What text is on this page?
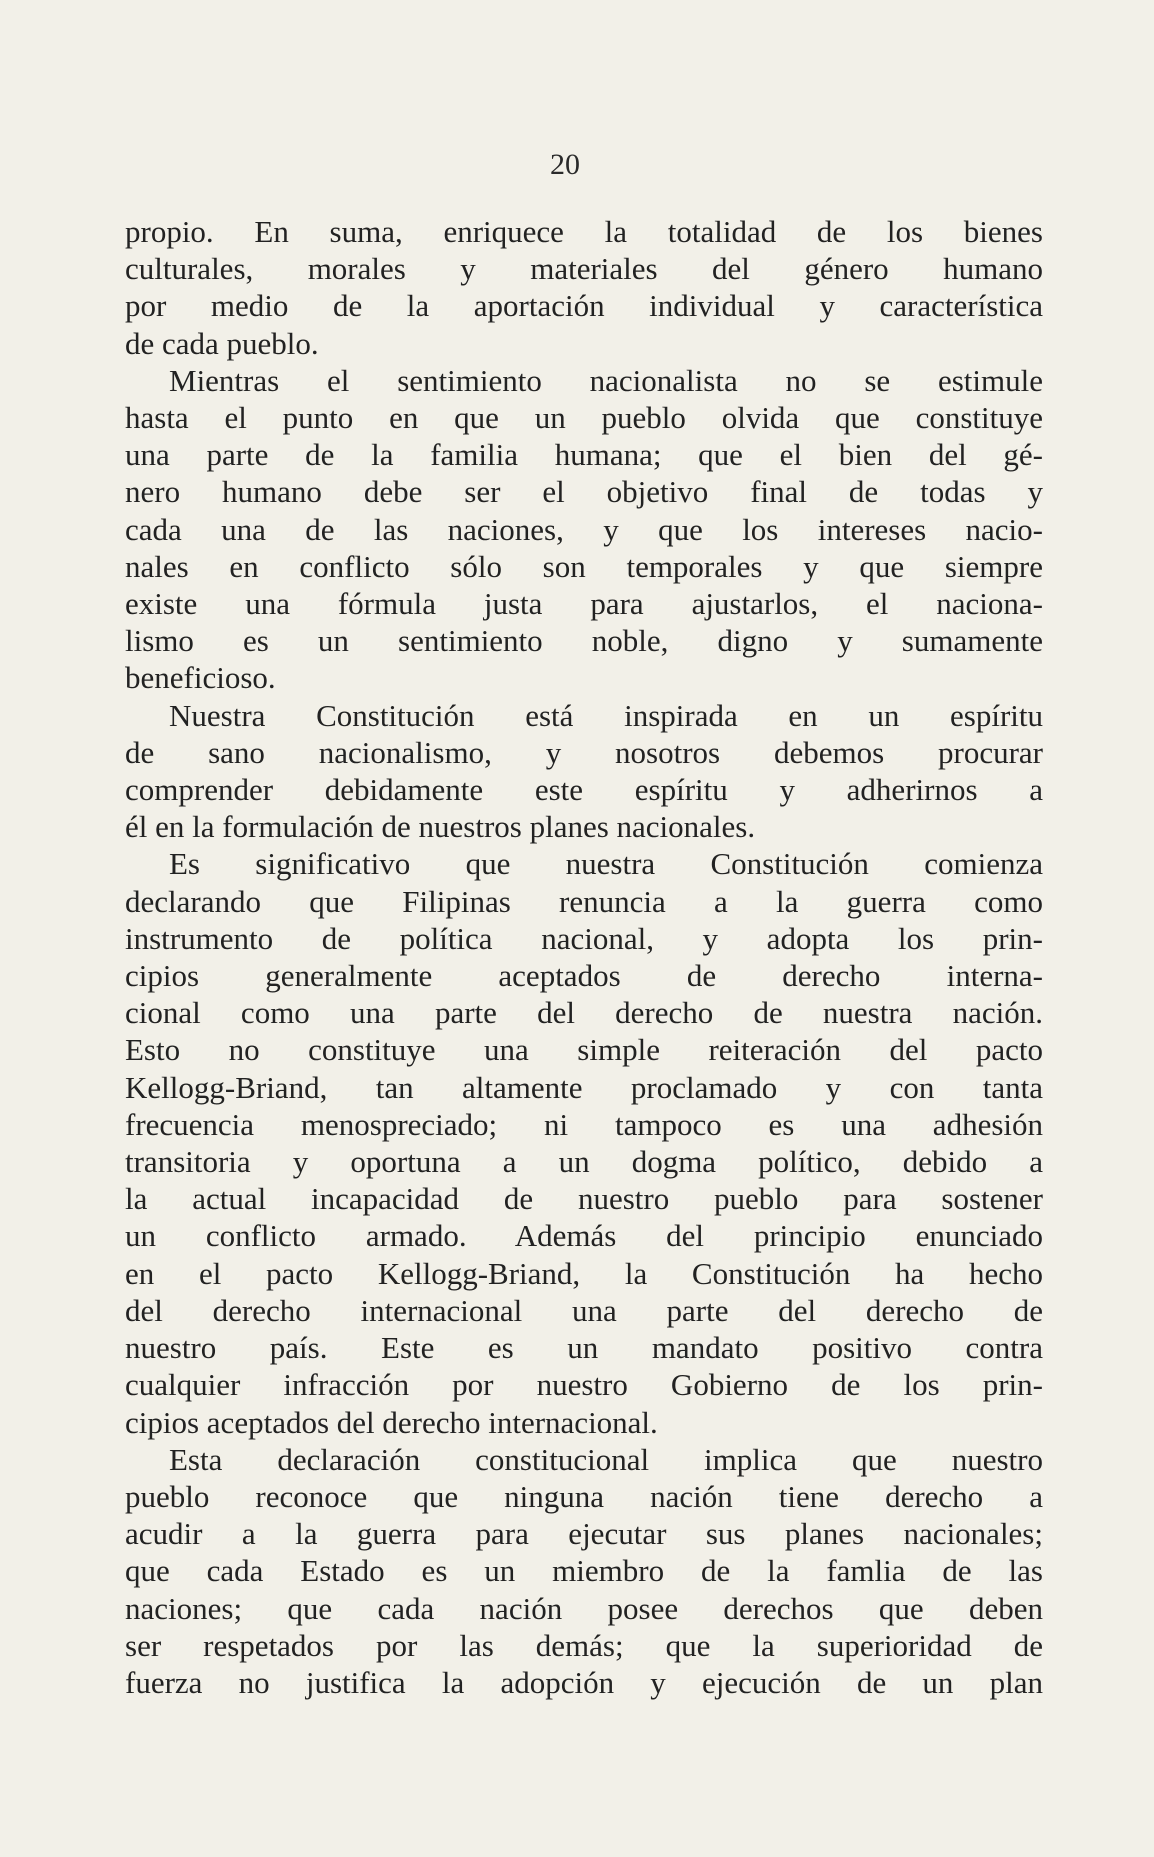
20

propio. En suma, enriquece la totalidad de los bienes
culturales, morales y materiales del género humano
por medio de la aportación individual y característica
de cada pueblo.

Mientras el sentimiento nacionalista no se estimule
hasta el punto en que un pueblo olvida que constituye
una parte de la familia humana; que el bien del gé-
nero humano debe ser el objetivo final de todas y
cada una de las naciones, y que los intereses nacio-
nales en conflicto sólo son temporales y que siempre
existe una fórmula justa para ajustarlos, el naciona-
lismo es un sentimiento noble, digno y sumamente
beneficioso.

Nuestra Constitución está inspirada en un espíritu
de sano nacionalismo, y nosotros debemos procurar
comprender debidamente este espíritu y adherirnos a
él en la formulación de nuestros planes nacionales.

Es significativo que nuestra Constitución comienza
declarando que Filipinas renuncia a la guerra como
instrumento de política nacional, y adopta los prin-
cipios generalmente aceptados de derecho interna-
cional como una parte del derecho de nuestra nación.
Esto no constituye una simple reiteración del pacto
Kellogg-Briand, tan altamente proclamado y con tanta
frecuencia menospreciado; ni tampoco es una adhesión
transitoria y oportuna a un dogma político, debido a
la actual incapacidad de nuestro pueblo para sostener
un conflicto armado. Además del principio enunciado
en el pacto Kellogg-Briand, la Constitución ha hecho
del derecho internacional una parte del derecho de
nuestro país. Este es un mandato positivo contra
cualquier infracción por nuestro Gobierno de los prin-
cipios aceptados del derecho internacional.

Esta declaración constitucional implica que nuestro
pueblo reconoce que ninguna nación tiene derecho a
acudir a la guerra para ejecutar sus planes nacionales;
que cada Estado es un miembro de la famlia de las
naciones; que cada nación posee derechos que deben
ser respetados por las demás; que la superioridad de
fuerza no justifica la adopción y ejecución de un plan
